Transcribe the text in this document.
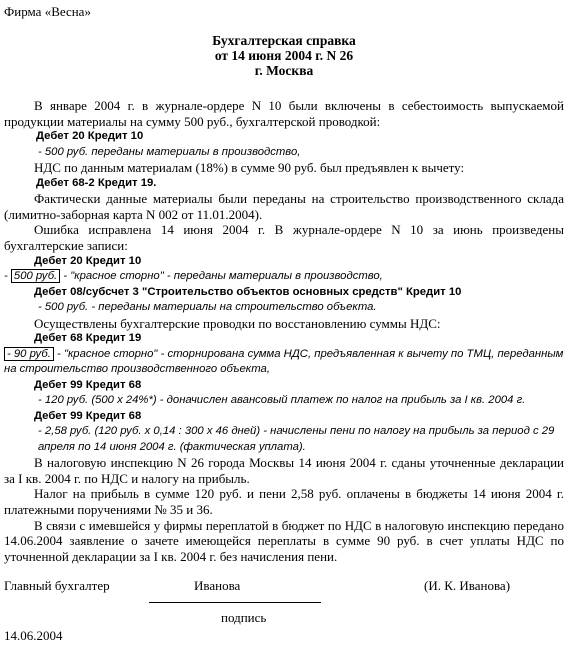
Фирма «Весна»
Бухгалтерская справка
от 14 июня 2004 г. N 26
г. Москва

В январе 2004 г. в журнале-ордере N 10 были включены в себестоимость выпускаемой продукции материалы на сумму 500 руб., бухгалтерской проводкой:

Дебет 20 Кредит 10
- 500 руб. переданы материалы в производство,

НДС по данным материалам (18%) в сумме 90 руб. был предъявлен к вычету:

Дебет 68-2 Кредит 19.

Фактически данные материалы были переданы на строительство производственного склада (лимитно-заборная карта N 002 от 11.01.2004).

Ошибка исправлена 14 июня 2004 г. В журнале-ордере N 10 за июнь произведены бухгалтерские записи:

Дебет 20 Кредит 10
- 500 руб. - "красное сторно" - переданы материалы в производство,
Дебет 08/субсчет 3 "Строительство объектов основных средств" Кредит 10
- 500 руб. - переданы материалы на строительство объекта.

Осуществлены бухгалтерские проводки по восстановлению суммы НДС:

Дебет 68 Кредит 19
- 90 руб. - "красное сторно" - сторнирована сумма НДС, предъявленная к вычету по ТМЦ, переданным на строительство производственного объекта,
Дебет 99 Кредит 68
- 120 руб. (500 х 24%*) - доначислен авансовый платеж по налог на прибыль за I кв. 2004 г.
Дебет 99 Кредит 68
- 2,58 руб. (120 руб. х 0,14 : 300 х 46 дней) - начислены пени по налогу на прибыль за период с 29 апреля по 14 июня 2004 г. (фактическая уплата).

В налоговую инспекцию N 26 города Москвы 14 июня 2004 г. сданы уточненные декларации за I кв. 2004 г. по НДС и налогу на прибыль.

Налог на прибыль в сумме 120 руб. и пени 2,58 руб. оплачены в бюджеты 14 июня 2004 г. платежными поручениями № 35 и 36.

В связи с имевшейся у фирмы переплатой в бюджет по НДС в налоговую инспекцию передано 14.06.2004 заявление о зачете имеющейся переплаты в сумме 90 руб. в счет уплаты НДС по уточненной декларации за I кв. 2004 г. без начисления пени.

Главный бухгалтер	Иванова	(И. К. Иванова)
подпись
14.06.2004
